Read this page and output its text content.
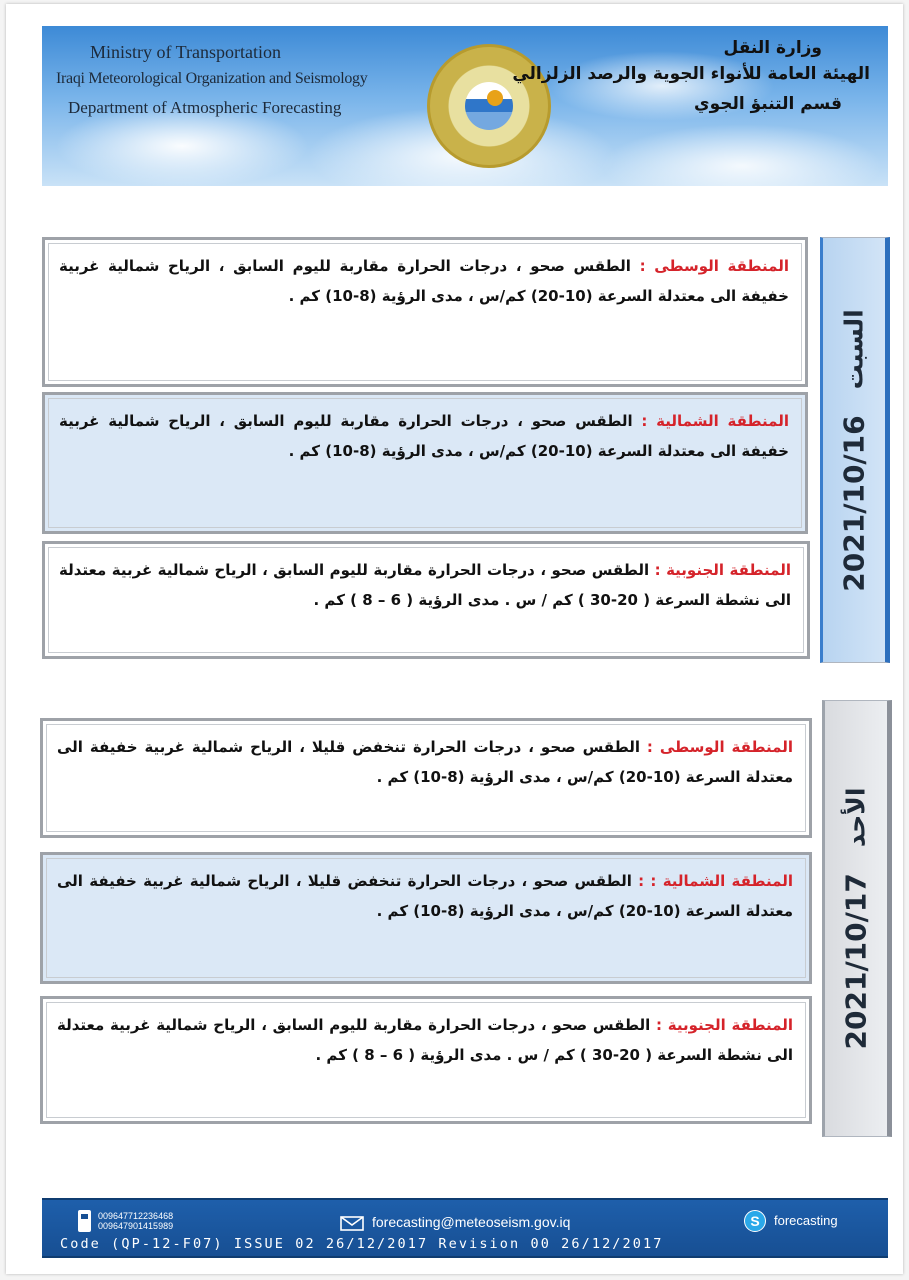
Ministry of Transportation
Iraqi Meteorological Organization and Seismology
Department of Atmospheric Forecasting
وزارة النقل
الهيئة العامة للأنواء الجوية والرصد الزلزالي
قسم التنبؤ الجوي
2021/10/16
السبت
المنطقة الوسطى : الطقس صحو ، درجات الحرارة مقاربة لليوم السابق ، الرياح شمالية غربية خفيفة الى معتدلة السرعة (10-20) كم/س ، مدى الرؤية (8-10) كم .
المنطقة الشمالية : الطقس صحو ، درجات الحرارة مقاربة لليوم السابق ، الرياح شمالية غربية خفيفة الى معتدلة السرعة (10-20) كم/س ، مدى الرؤية (8-10) كم .
المنطقة الجنوبية : الطقس صحو ، درجات الحرارة مقاربة لليوم السابق ، الرياح شمالية غربية معتدلة الى نشطة السرعة ( 20-30 ) كم / س . مدى الرؤية ( 6 – 8 ) كم .
2021/10/17
الأحد
المنطقة الوسطى : الطقس صحو ، درجات الحرارة تنخفض قليلا ، الرياح شمالية غربية خفيفة الى معتدلة السرعة (10-20) كم/س ، مدى الرؤية (8-10) كم .
المنطقة الشمالية : : الطقس صحو ، درجات الحرارة تنخفض قليلا ، الرياح شمالية غربية خفيفة الى معتدلة السرعة (10-20) كم/س ، مدى الرؤية (8-10) كم .
المنطقة الجنوبية : الطقس صحو ، درجات الحرارة مقاربة لليوم السابق ، الرياح شمالية غربية معتدلة الى نشطة السرعة ( 20-30 ) كم / س . مدى الرؤية ( 6 – 8 ) كم .
009647712236468
009647901415989	forecasting@meteoseism.gov.iq	S	forecasting
Code (QP-12-F07) ISSUE 02 26/12/2017 Revision 00 26/12/2017
